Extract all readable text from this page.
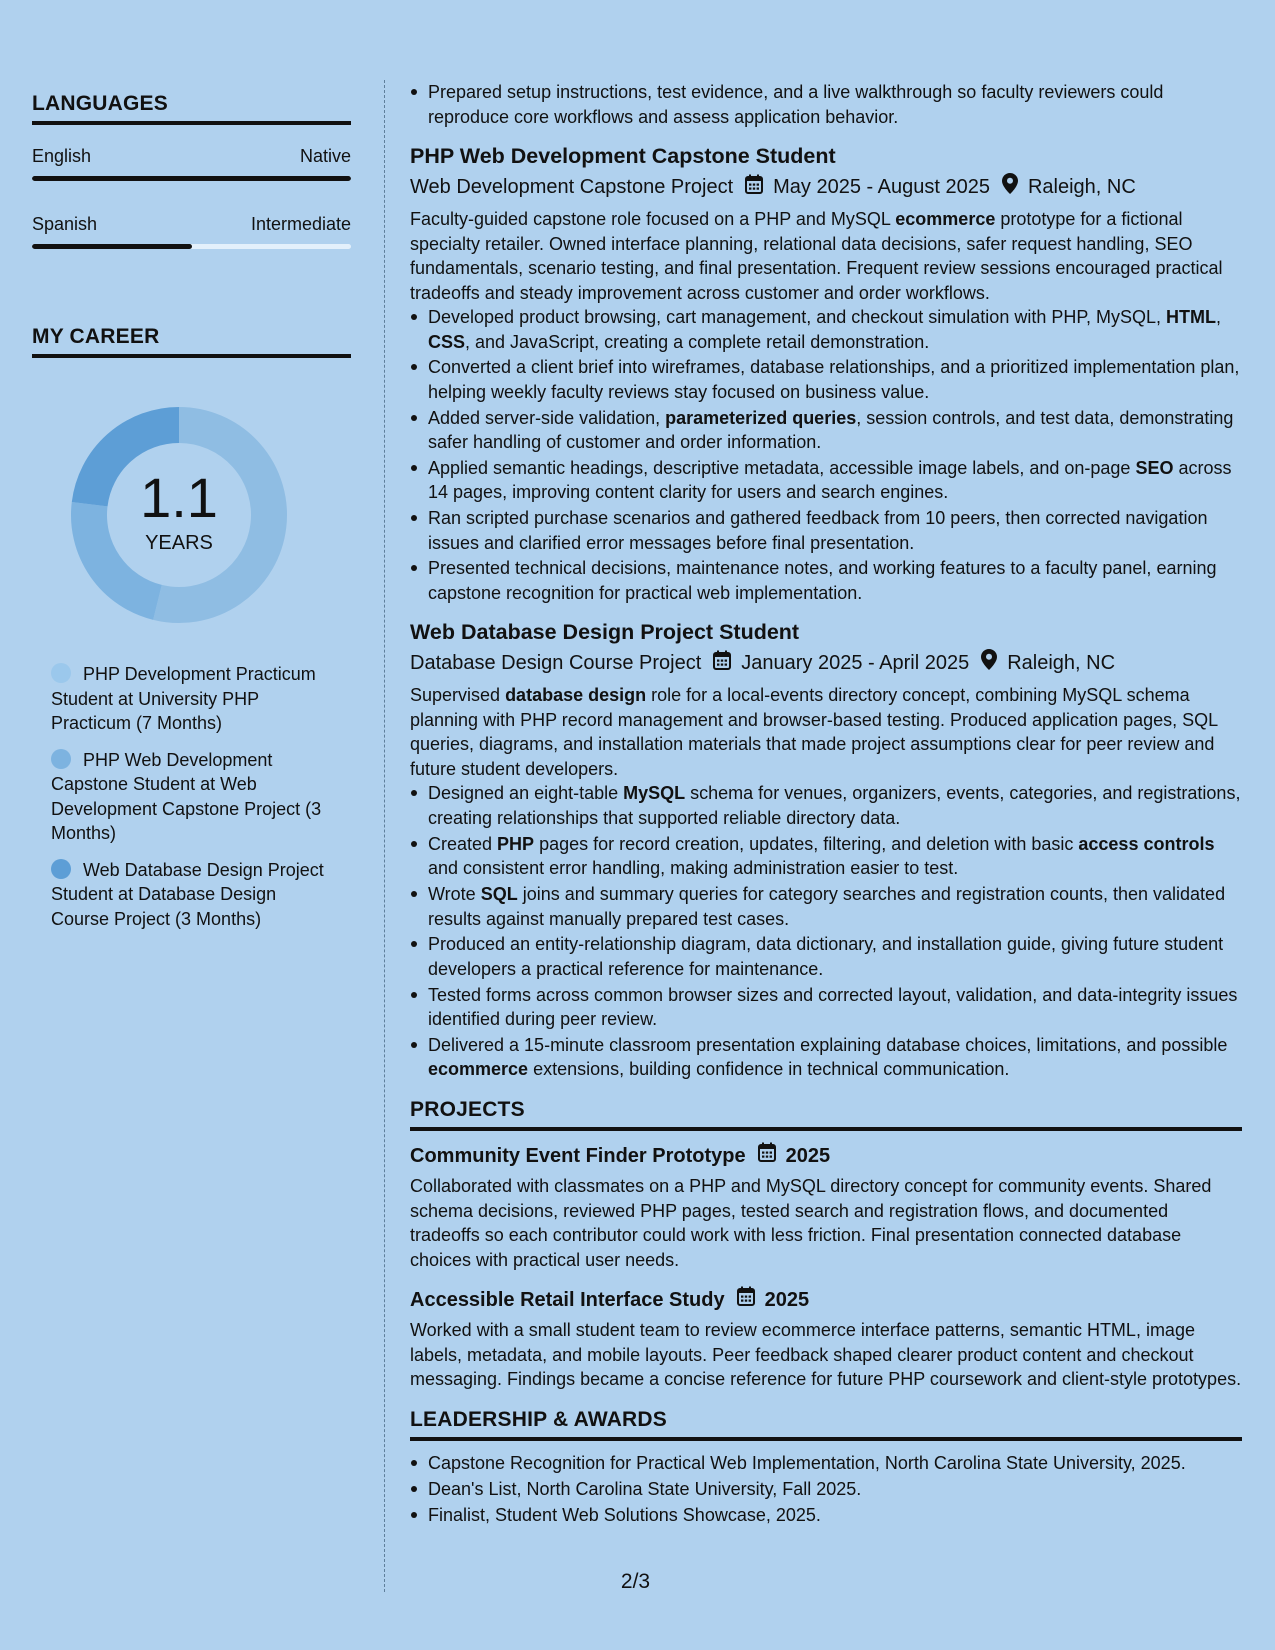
LANGUAGES
English	Native
Spanish	Intermediate
MY CAREER
1.1
YEARS
PHP Development Practicum Student at University PHP Practicum (7 Months)
PHP Web Development Capstone Student at Web Development Capstone Project (3 Months)
Web Database Design Project Student at Database Design Course Project (3 Months)
Prepared setup instructions, test evidence, and a live walkthrough so faculty reviewers could reproduce core workflows and assess application behavior.
PHP Web Development Capstone Student
Web Development Capstone Project May 2025 - August 2025 Raleigh, NC

Faculty-guided capstone role focused on a PHP and MySQL ecommerce prototype for a fictional specialty retailer. Owned interface planning, relational data decisions, safer request handling, SEO fundamentals, scenario testing, and final presentation. Frequent review sessions encouraged practical tradeoffs and steady improvement across customer and order workflows.

Developed product browsing, cart management, and checkout simulation with PHP, MySQL, HTML, CSS, and JavaScript, creating a complete retail demonstration.
Converted a client brief into wireframes, database relationships, and a prioritized implementation plan, helping weekly faculty reviews stay focused on business value.
Added server-side validation, parameterized queries, session controls, and test data, demonstrating safer handling of customer and order information.
Applied semantic headings, descriptive metadata, accessible image labels, and on-page SEO across 14 pages, improving content clarity for users and search engines.
Ran scripted purchase scenarios and gathered feedback from 10 peers, then corrected navigation issues and clarified error messages before final presentation.
Presented technical decisions, maintenance notes, and working features to a faculty panel, earning capstone recognition for practical web implementation.
Web Database Design Project Student
Database Design Course Project January 2025 - April 2025 Raleigh, NC

Supervised database design role for a local-events directory concept, combining MySQL schema planning with PHP record management and browser-based testing. Produced application pages, SQL queries, diagrams, and installation materials that made project assumptions clear for peer review and future student developers.

Designed an eight-table MySQL schema for venues, organizers, events, categories, and registrations, creating relationships that supported reliable directory data.
Created PHP pages for record creation, updates, filtering, and deletion with basic access controls and consistent error handling, making administration easier to test.
Wrote SQL joins and summary queries for category searches and registration counts, then validated results against manually prepared test cases.
Produced an entity-relationship diagram, data dictionary, and installation guide, giving future student developers a practical reference for maintenance.
Tested forms across common browser sizes and corrected layout, validation, and data-integrity issues identified during peer review.
Delivered a 15-minute classroom presentation explaining database choices, limitations, and possible ecommerce extensions, building confidence in technical communication.
PROJECTS
Community Event Finder Prototype 2025

Collaborated with classmates on a PHP and MySQL directory concept for community events. Shared schema decisions, reviewed PHP pages, tested search and registration flows, and documented tradeoffs so each contributor could work with less friction. Final presentation connected database choices with practical user needs.

Accessible Retail Interface Study 2025

Worked with a small student team to review ecommerce interface patterns, semantic HTML, image labels, metadata, and mobile layouts. Peer feedback shaped clearer product content and checkout messaging. Findings became a concise reference for future PHP coursework and client-style prototypes.

LEADERSHIP & AWARDS
Capstone Recognition for Practical Web Implementation, North Carolina State University, 2025.
Dean's List, North Carolina State University, Fall 2025.
Finalist, Student Web Solutions Showcase, 2025.
2/3
